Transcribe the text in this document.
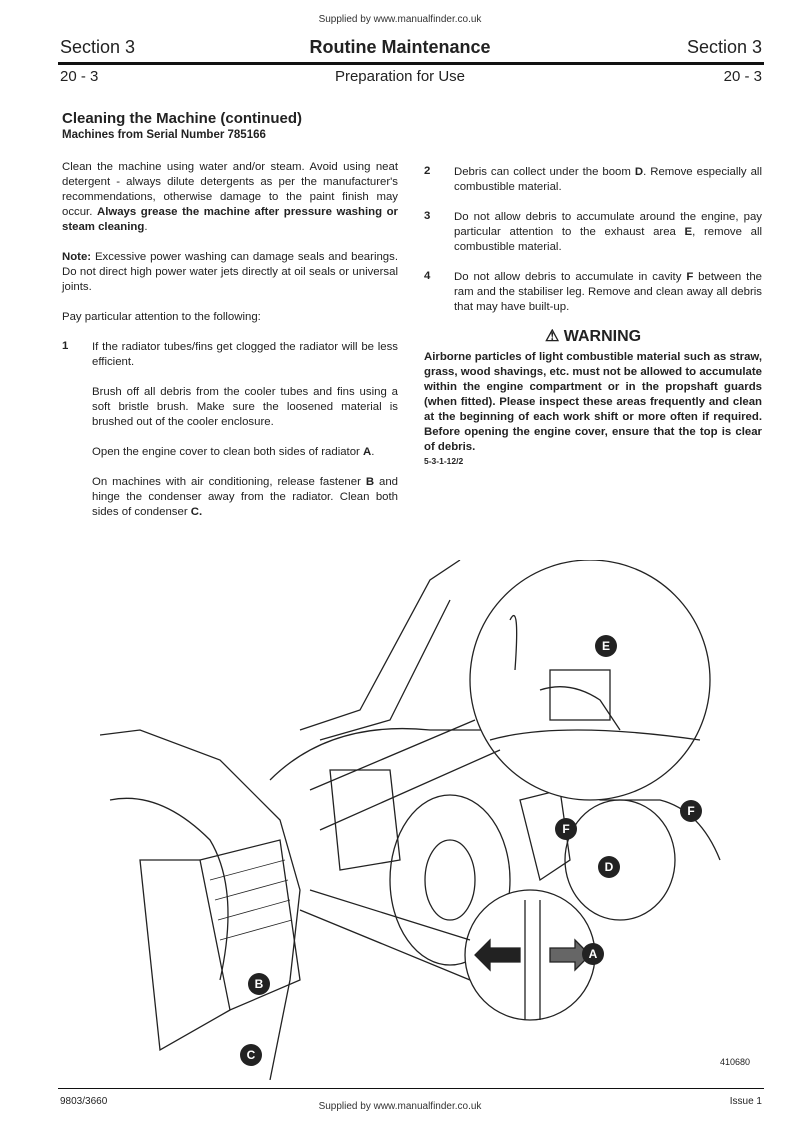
Supplied by www.manualfinder.co.uk
Section 3	Routine Maintenance	Section 3
20 - 3	Preparation for Use	20 - 3
Cleaning the Machine (continued)
Machines from Serial Number 785166

Clean the machine using water and/or steam. Avoid using neat detergent - always dilute detergents as per the manufacturer's recommendations, otherwise damage to the paint finish may occur. Always grease the machine after pressure washing or steam cleaning.

Note: Excessive power washing can damage seals and bearings. Do not direct high power water jets directly at oil seals or universal joints.

Pay particular attention to the following:

1 If the radiator tubes/fins get clogged the radiator will be less efficient.

Brush off all debris from the cooler tubes and fins using a soft bristle brush. Make sure the loosened material is brushed out of the cooler enclosure.

Open the engine cover to clean both sides of radiator A.

On machines with air conditioning, release fastener B and hinge the condenser away from the radiator. Clean both sides of condenser C.

2 Debris can collect under the boom D. Remove especially all combustible material.

3 Do not allow debris to accumulate around the engine, pay particular attention to the exhaust area E, remove all combustible material.

4 Do not allow debris to accumulate in cavity F between the ram and the stabiliser leg. Remove and clean away all debris that may have built-up.

⚠ WARNING
Airborne particles of light combustible material such as straw, grass, wood shavings, etc. must not be allowed to accumulate within the engine compartment or in the propshaft guards (when fitted). Please inspect these areas frequently and clean at the beginning of each work shift or more often if required. Before opening the engine cover, ensure that the top is clear of debris.
5-3-1-12/2
E
A
B
C
D
F
F
410680
9803/3660	Supplied by www.manualfinder.co.uk	Issue 1
